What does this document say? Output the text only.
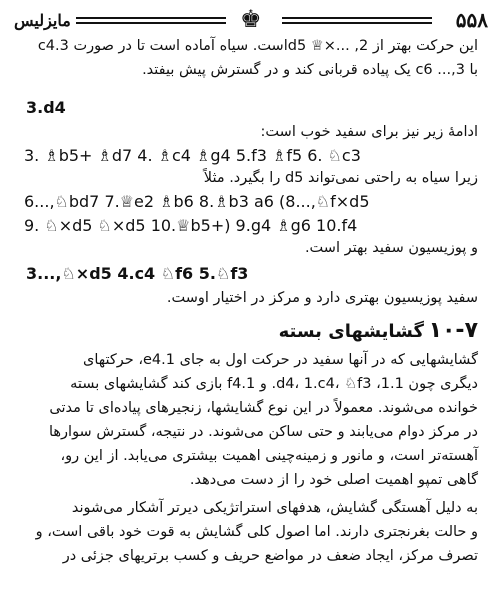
۵۵۸
♚
مایزلیس
این حرکت بهتر از d5 ♕×... ,2است. سیاه آماده است تا در صورت 3.c4
با c6 ...,3 یک پیاده قربانی کند و در گسترش پیش بیفتد.
3.d4
ادامهٔ زیر نیز برای سفید خوب است:
3. ♗b5+ ♗d7 4. ♗c4 ♗g4 5.f3 ♗f5 6. ♘c3
زیرا سیاه به راحتی نمی‌تواند d5 را بگیرد. مثلاً
6...,♘bd7 7.♕e2 ♗b6 8.♗b3 a6 (8...,♘f×d5
9. ♘×d5 ♘×d5 10.♕b5+) 9.g4 ♗g6 10.f4
و پوزیسیون سفید بهتر است.
3...,♘×d5 4.c4 ♘f6 5.♘f3
سفید پوزیسیون بهتری دارد و مرکز در اختیار اوست.
۱۰-۷ گشایشهای بسته
گشایشهایی که در آنها سفید در حرکت اول به جای 1.e4، حرکتهای
دیگری چون 1.d4، 1.c4، ♘f3 ،1. و 1.f4 بازی کند گشایشهای بسته
خوانده می‌شوند. معمولاً در این نوع گشایشها، زنجیرهای پیاده‌ای تا مدتی
در مرکز دوام می‌یابند و حتی ساکن می‌شوند. در نتیجه، گسترش سوارها
آهسته‌تر است، و مانور و زمینه‌چینی اهمیت بیشتری می‌یابد. از این رو،
گاهی تمپو اهمیت اصلی خود را از دست می‌دهد.
به دلیل آهستگی گشایش، هدفهای استراتژیکی دیرتر آشکار می‌شوند
و حالت بغرنجتری دارند. اما اصول کلی گشایش به قوت خود باقی است، و
تصرف مرکز، ایجاد ضعف در مواضع حریف و کسب برتریهای جزئی در
